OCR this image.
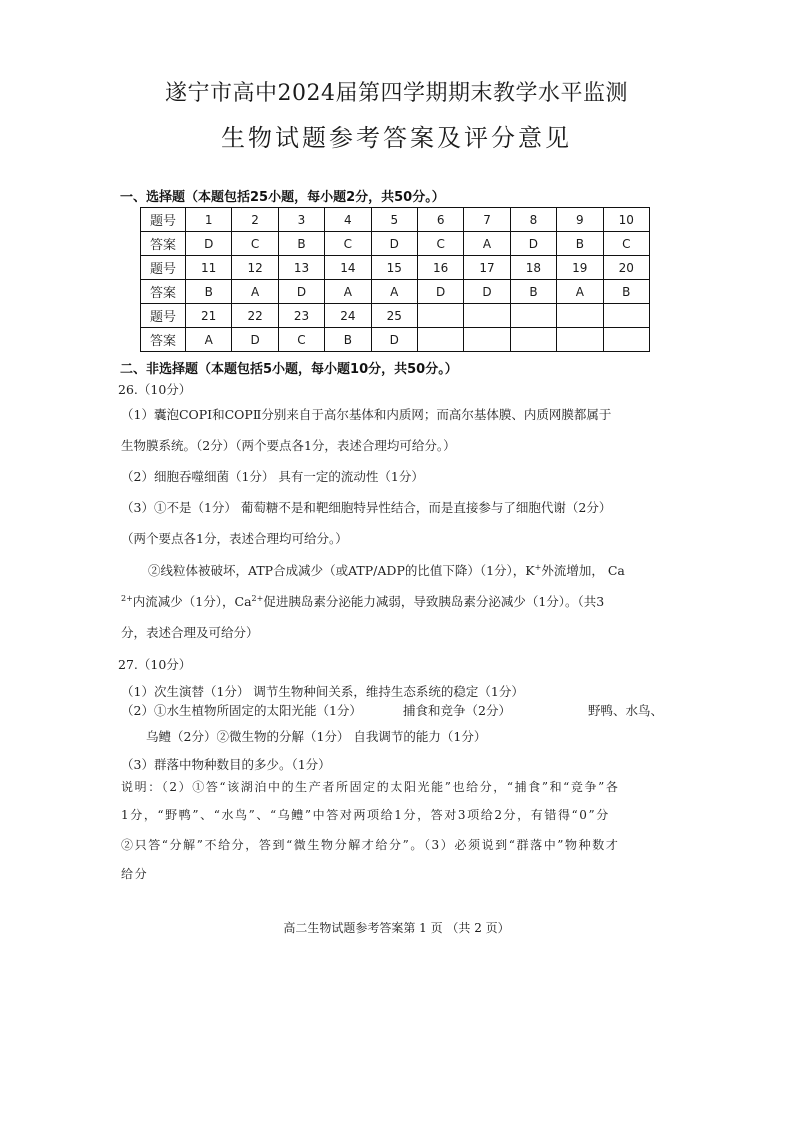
遂宁市高中2024届第四学期期末教学水平监测
生物试题参考答案及评分意见
一、选择题（本题包括25小题，每小题2分，共50分。）
题号	1	2	3	4	5	6	7	8	9	10
答案	D	C	B	C	D	C	A	D	B	C
题号	11	12	13	14	15	16	17	18	19	20
答案	B	A	D	A	A	D	D	B	A	B
题号	21	22	23	24	25					
答案	A	D	C	B	D					
二、非选择题（本题包括5小题，每小题10分，共50分。）
26.（10分）
（1）囊泡COPⅠ和COPⅡ分别来自于高尔基体和内质网；而高尔基体膜、内质网膜都属于
生物膜系统。（2分）（两个要点各1分，表述合理均可给分。）
（2）细胞吞噬细菌（1分） 具有一定的流动性（1分）
（3）①不是（1分） 葡萄糖不是和靶细胞特异性结合，而是直接参与了细胞代谢（2分）
（两个要点各1分，表述合理均可给分。）
②线粒体被破坏，ATP合成减少（或ATP/ADP的比值下降）（1分），K+外流增加， Ca
$^{2+}$内流减少（1分），$Ca^{2+}$促进胰岛素分泌能力减弱，导致胰岛素分泌减少（1分）。（共3
分，表述合理及可给分）
27.（10分）
（1）次生演替（1分） 调节生物种间关系，维持生态系统的稳定（1分）
（2）①水生植物所固定的太阳光能（1分）	捕食和竞争（2分）	野鸭、水鸟、
乌鳢（2分）②微生物的分解（1分） 自我调节的能力（1分）
（3）群落中物种数目的多少。（1分）
说明：（2）①答“该湖泊中的生产者所固定的太阳光能”也给分，“捕食”和“竞争”各
1分，“野鸭”、“水鸟”、“乌鳢”中答对两项给1分，答对3项给2分，有错得“0”分
②只答“分解”不给分，答到“微生物分解才给分”。（3）必须说到“群落中”物种数才
给分
高二生物试题参考答案第 1 页 （共 2 页）
